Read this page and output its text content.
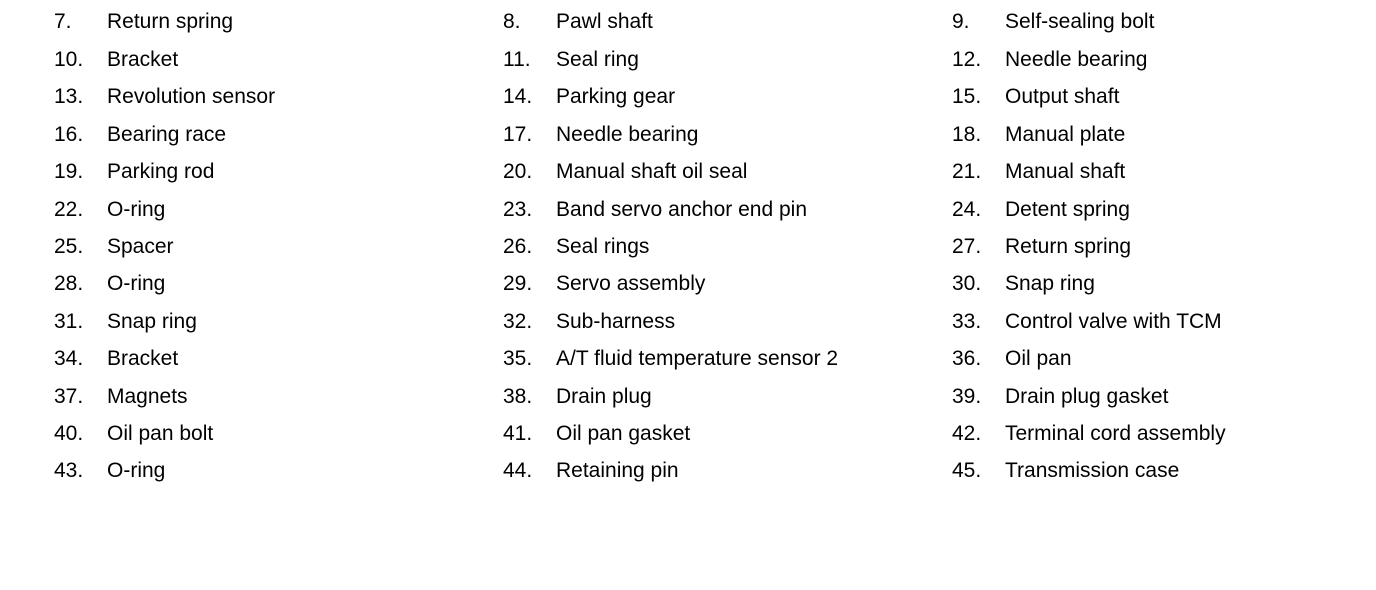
7. Return spring	8. Pawl shaft	9. Self-sealing bolt
10. Bracket	11. Seal ring	12. Needle bearing
13. Revolution sensor	14. Parking gear	15. Output shaft
16. Bearing race	17. Needle bearing	18. Manual plate
19. Parking rod	20. Manual shaft oil seal	21. Manual shaft
22. O-ring	23. Band servo anchor end pin	24. Detent spring
25. Spacer	26. Seal rings	27. Return spring
28. O-ring	29. Servo assembly	30. Snap ring
31. Snap ring	32. Sub-harness	33. Control valve with TCM
34. Bracket	35. A/T fluid temperature sensor 2	36. Oil pan
37. Magnets	38. Drain plug	39. Drain plug gasket
40. Oil pan bolt	41. Oil pan gasket	42. Terminal cord assembly
43. O-ring	44. Retaining pin	45. Transmission case
